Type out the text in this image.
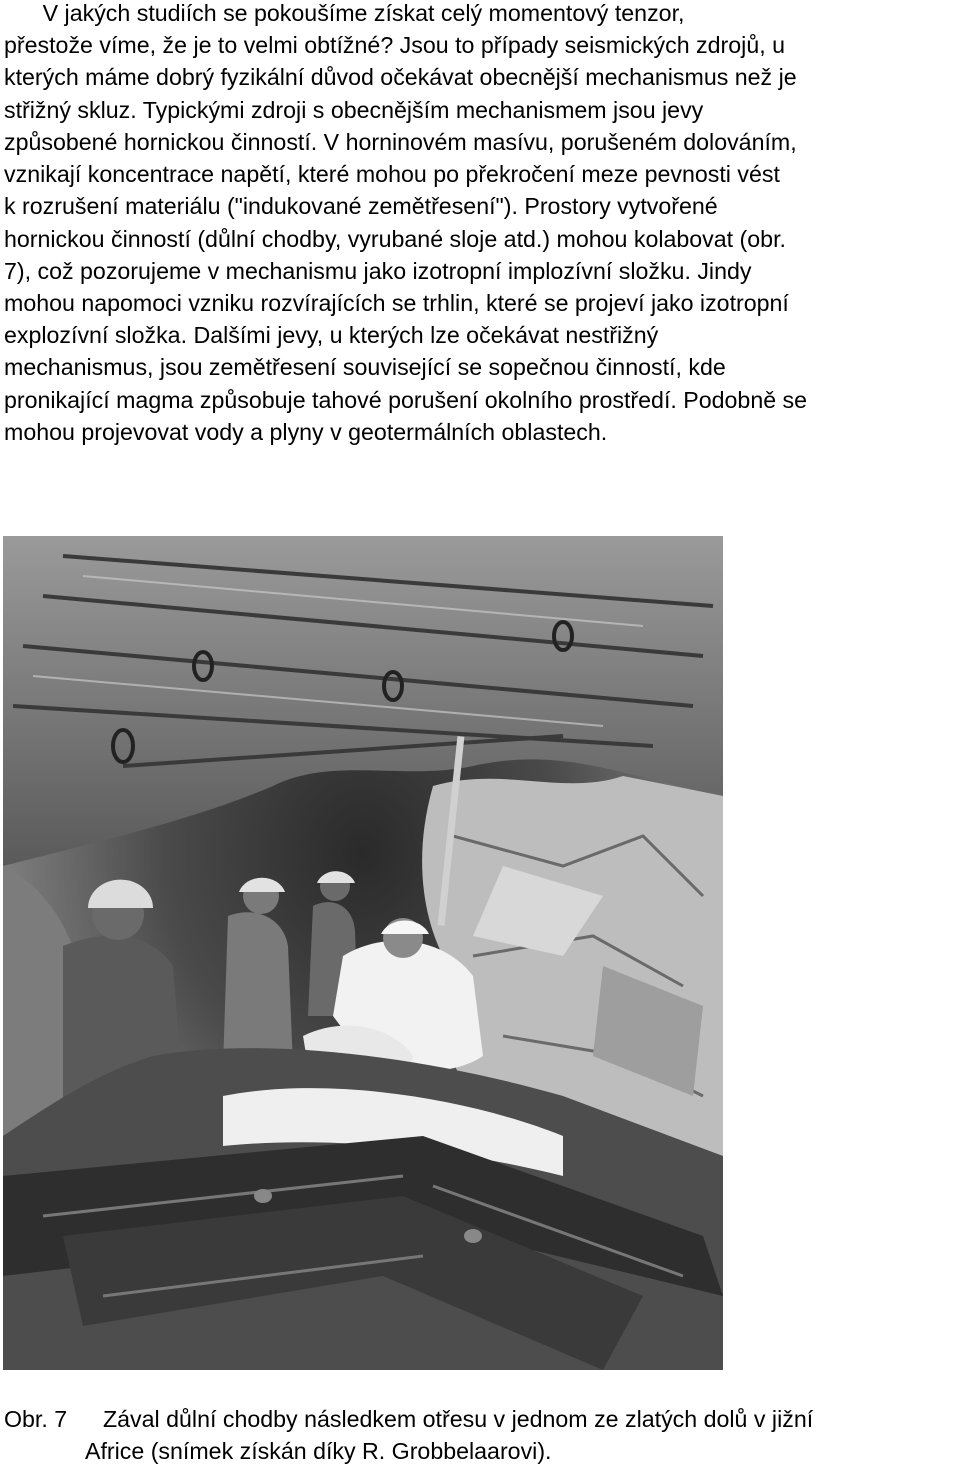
V jakých studiích se pokoušíme získat celý momentový tenzor,
přestože víme, že je to velmi obtížné? Jsou to případy seismických zdrojů, u
kterých máme dobrý fyzikální důvod očekávat obecnější mechanismus než je
střižný skluz. Typickými zdroji s obecnějším mechanismem jsou jevy
způsobené hornickou činností. V horninovém masívu, porušeném dolováním,
vznikají koncentrace napětí, které mohou po překročení meze pevnosti vést
k rozrušení materiálu ("indukované zemětřesení"). Prostory vytvořené
hornickou činností (důlní chodby, vyrubané sloje atd.) mohou kolabovat (obr.
7), což pozorujeme v mechanismu jako izotropní implozívní složku. Jindy
mohou napomoci vzniku rozvírajících se trhlin, které se projeví jako izotropní
explozívní složka. Dalšími jevy, u kterých lze očekávat nestřižný
mechanismus, jsou zemětřesení související se sopečnou činností, kde
pronikající magma způsobuje tahové porušení okolního prostředí. Podobně se
mohou projevovat vody a plyny v geotermálních oblastech.
Obr. 7 Zával důlní chodby následkem otřesu v jednom ze zlatých dolů v jižní
Africe (snímek získán díky R. Grobbelaarovi).
